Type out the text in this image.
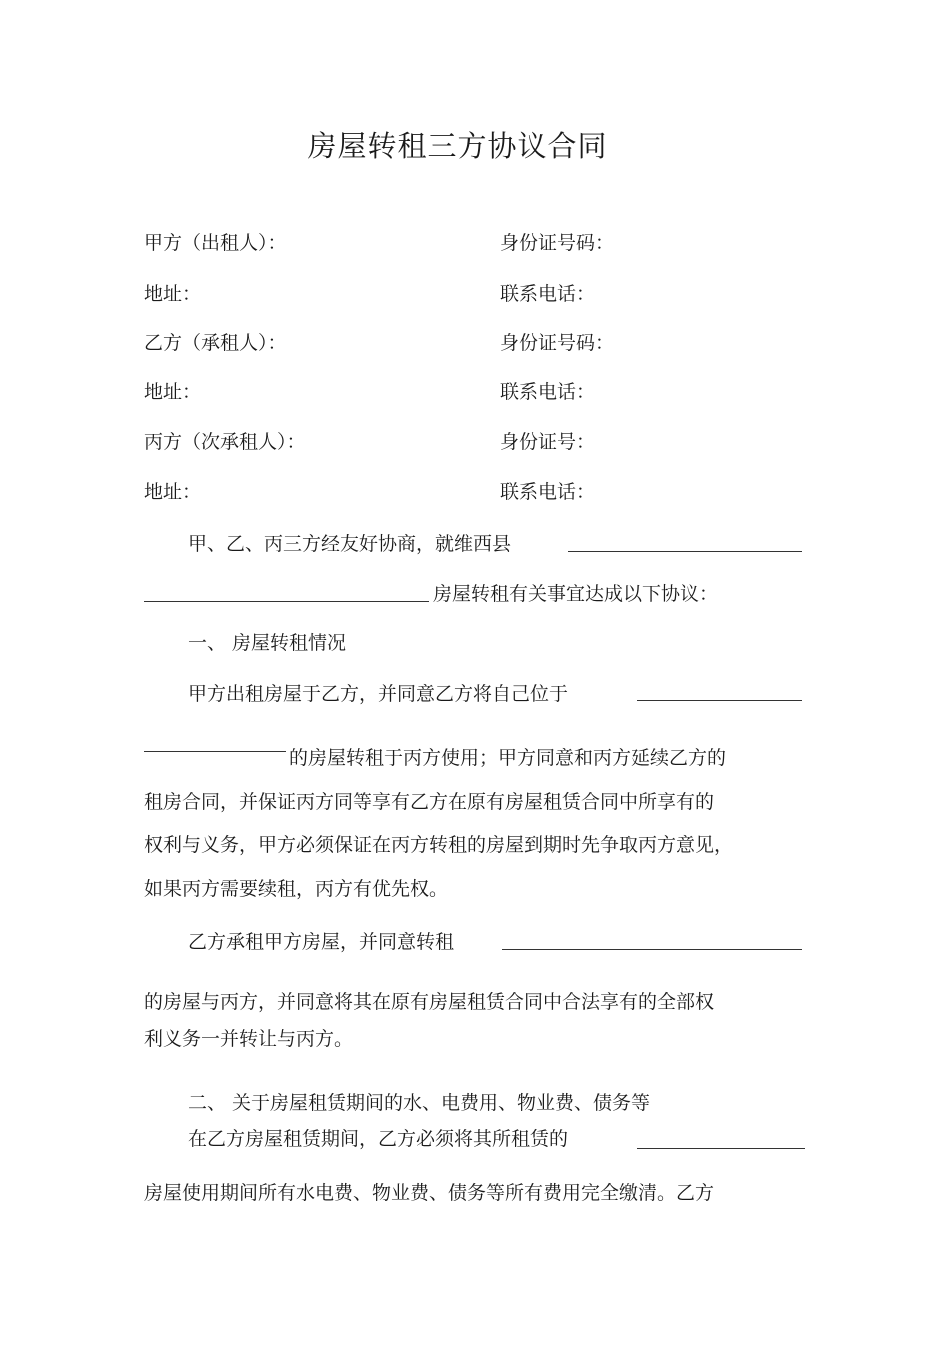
房屋转租三方协议合同
甲方（出租人）：	身份证号码：
地址：	联系电话：
乙方（承租人）：	身份证号码：
地址：	联系电话：
丙方（次承租人）：	身份证号：
地址：	联系电话：
甲、乙、丙三方经友好协商，就维西县
房屋转租有关事宜达成以下协议：
一、 房屋转租情况
甲方出租房屋于乙方，并同意乙方将自己位于
的房屋转租于丙方使用；甲方同意和丙方延续乙方的
租房合同，并保证丙方同等享有乙方在原有房屋租赁合同中所享有的
权利与义务，甲方必须保证在丙方转租的房屋到期时先争取丙方意见，
如果丙方需要续租，丙方有优先权。
乙方承租甲方房屋，并同意转租
的房屋与丙方，并同意将其在原有房屋租赁合同中合法享有的全部权
利义务一并转让与丙方。
二、 关于房屋租赁期间的水、电费用、物业费、债务等
在乙方房屋租赁期间，乙方必须将其所租赁的
房屋使用期间所有水电费、物业费、债务等所有费用完全缴清。乙方
